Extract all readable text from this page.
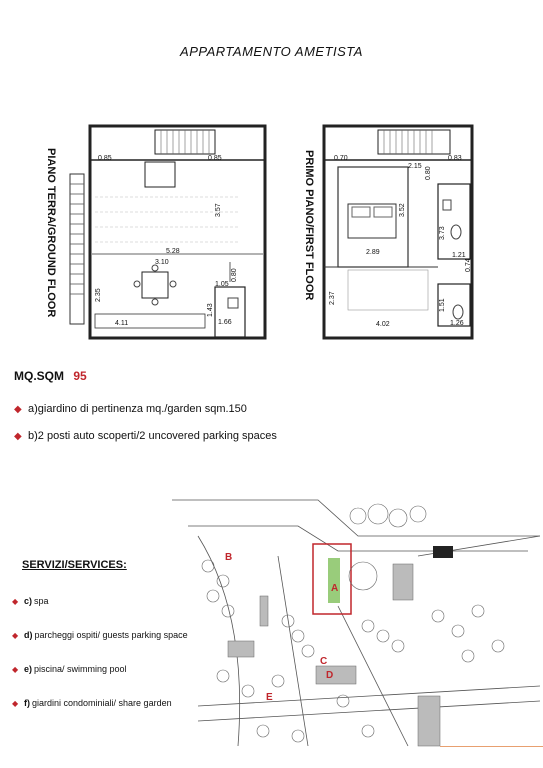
APPARTAMENTO AMETISTA
0.85	0.85
3.57
5.28
3.10
0.80
1.05
2.35
1.43
1.66
4.11
PIANO TERRA/GROUND FLOOR	0.70
2.15
0.83
0.80
3.52
2.89
3.73
1.21
0.74
2.37
1.51
4.02	1.26
PRIMO PIANO/FIRST FLOOR
MQ.SQM 95
◆ a)giardino di pertinenza mq./garden sqm.150
◆ b)2 posti auto scoperti/2 uncovered parking spaces
SERVIZI/SERVICES:
◆ c) spa
◆ d) parcheggi ospiti/ guests parking space
◆ e) piscina/ swimming pool
◆ f) giardini condominiali/ share garden
A
B
C
D
E
